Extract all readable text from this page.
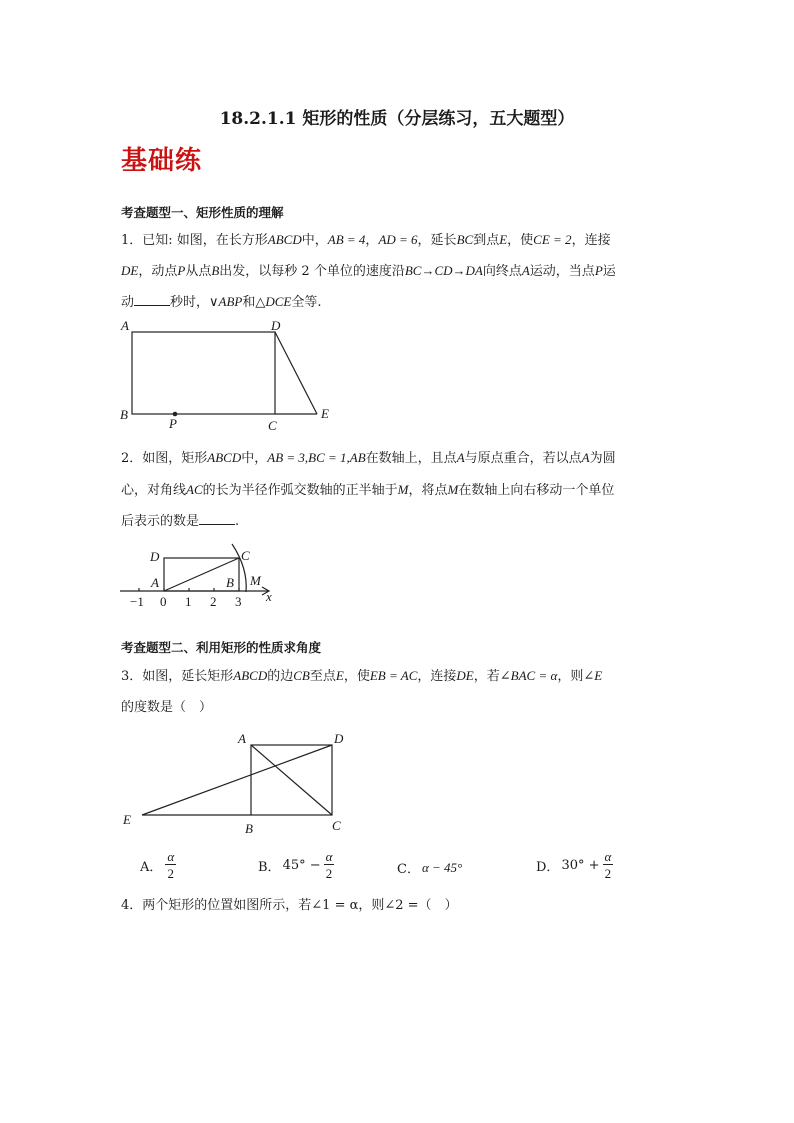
18.2.1.1 矩形的性质（分层练习，五大题型）
基础练
考查题型一、矩形性质的理解
1．已知: 如图，在长方形ABCD中，AB = 4，AD = 6，延长BC到点E，使CE = 2，连接
DE，动点P从点B出发，以每秒 2 个单位的速度沿BC→CD→DA向终点A运动，当点P运
动	秒时，∨ABP和△DCE全等.
A	D
B
P	C
E
2．如图，矩形ABCD中，AB = 3,BC = 1,AB在数轴上，且点A与原点重合，若以点A为圆
心，对角线AC的长为半径作弧交数轴的正半轴于M，将点M在数轴上向右移动一个单位
后表示的数是	.
D	C
A	B M
x
−1 0 1 2 3
考查题型二、利用矩形的性质求角度
3．如图，延长矩形ABCD的边CB至点E，使EB = AC，连接DE，若∠BAC = α，则∠E
的度数是（　）
A	D
E
B	C
A． $\frac{\alpha}{2}$	B． $45^\circ - \frac{\alpha}{2}$	C． α − 45°	D． $30^\circ + \frac{\alpha}{2}$
4．两个矩形的位置如图所示，若∠1 = α，则∠2 =（　）
